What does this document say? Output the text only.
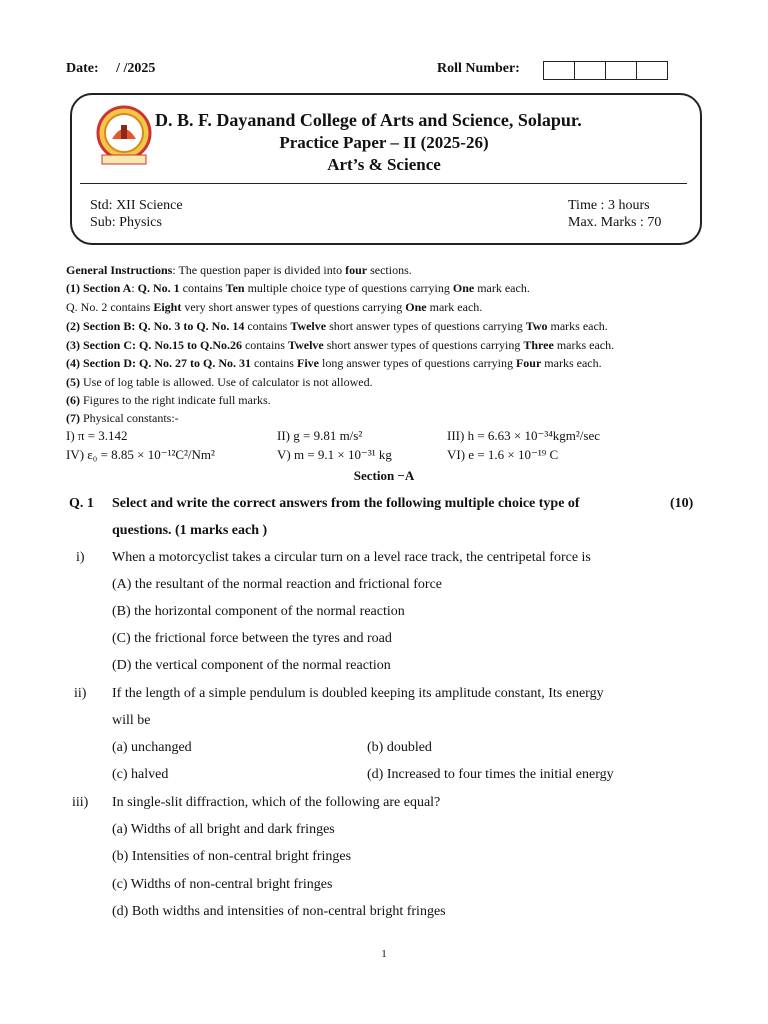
Date: / /2025	Roll Number:
D. B. F. Dayanand College of Arts and Science, Solapur.
Practice Paper – II (2025-26)
Art’s & Science
Std: XII Science
Sub: Physics
Time : 3 hours
Max. Marks : 70
General Instructions: The question paper is divided into four sections.
(1) Section A: Q. No. 1 contains Ten multiple choice type of questions carrying One mark each.
Q. No. 2 contains Eight very short answer types of questions carrying One mark each.
(2) Section B: Q. No. 3 to Q. No. 14 contains Twelve short answer types of questions carrying Two marks each.
(3) Section C: Q. No.15 to Q.No.26 contains Twelve short answer types of questions carrying Three marks each.
(4) Section D: Q. No. 27 to Q. No. 31 contains Five long answer types of questions carrying Four marks each.
(5) Use of log table is allowed. Use of calculator is not allowed.
(6) Figures to the right indicate full marks.
(7) Physical constants:-
I) π = 3.142	II) g = 9.81 m/s²	III) h = 6.63 × 10⁻³⁴kgm²/sec
IV) ε₀ = 8.85 × 10⁻¹²C²/Nm²	V) m = 9.1 × 10⁻³¹ kg	VI) e = 1.6 × 10⁻¹⁹ C
Section −A
Q. 1 Select and write the correct answers from the following multiple choice type of
questions. (1 marks each )
(10)
i) When a motorcyclist takes a circular turn on a level race track, the centripetal force is
(A) the resultant of the normal reaction and frictional force
(B) the horizontal component of the normal reaction
(C) the frictional force between the tyres and road
(D) the vertical component of the normal reaction
ii) If the length of a simple pendulum is doubled keeping its amplitude constant, Its energy
will be
(a) unchanged	(b) doubled
(c) halved	(d) Increased to four times the initial energy
iii) In single-slit diffraction, which of the following are equal?
(a) Widths of all bright and dark fringes
(b) Intensities of non-central bright fringes
(c) Widths of non-central bright fringes
(d) Both widths and intensities of non-central bright fringes
1
